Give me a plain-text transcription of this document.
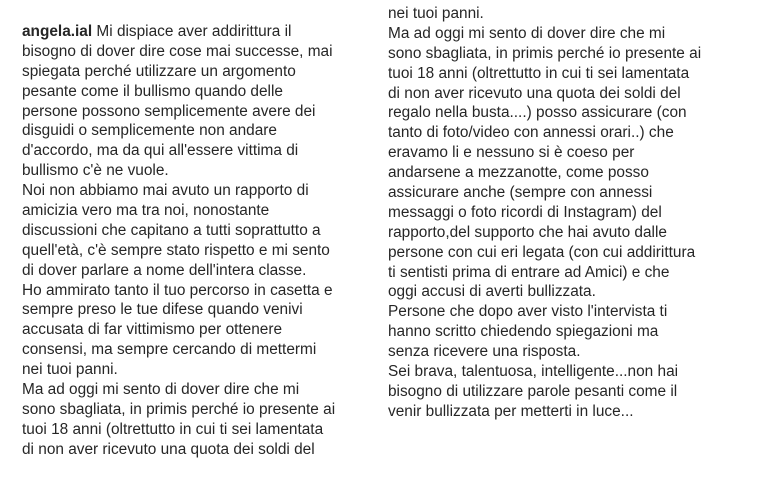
angela.ial Mi dispiace aver addirittura il
bisogno di dover dire cose mai successe, mai
spiegata perché utilizzare un argomento
pesante come il bullismo quando delle
persone possono semplicemente avere dei
disguidi o semplicemente non andare
d'accordo, ma da qui all'essere vittima di
bullismo c'è ne vuole.
Noi non abbiamo mai avuto un rapporto di
amicizia vero ma tra noi, nonostante
discussioni che capitano a tutti soprattutto a
quell'età, c'è sempre stato rispetto e mi sento
di dover parlare a nome dell'intera classe.
Ho ammirato tanto il tuo percorso in casetta e
sempre preso le tue difese quando venivi
accusata di far vittimismo per ottenere
consensi, ma sempre cercando di mettermi
nei tuoi panni.
Ma ad oggi mi sento di dover dire che mi
sono sbagliata, in primis perché io presente ai
tuoi 18 anni (oltrettutto in cui ti sei lamentata
di non aver ricevuto una quota dei soldi del
nei tuoi panni.
Ma ad oggi mi sento di dover dire che mi
sono sbagliata, in primis perché io presente ai
tuoi 18 anni (oltrettutto in cui ti sei lamentata
di non aver ricevuto una quota dei soldi del
regalo nella busta....) posso assicurare (con
tanto di foto/video con annessi orari..) che
eravamo li e nessuno si è coeso per
andarsene a mezzanotte, come posso
assicurare anche (sempre con annessi
messaggi o foto ricordi di Instagram) del
rapporto,del supporto che hai avuto dalle
persone con cui eri legata (con cui addirittura
ti sentisti prima di entrare ad Amici) e che
oggi accusi di averti bullizzata.
Persone che dopo aver visto l'intervista ti
hanno scritto chiedendo spiegazioni ma
senza ricevere una risposta.
Sei brava, talentuosa, intelligente...non hai
bisogno di utilizzare parole pesanti come il
venir bullizzata per metterti in luce...
